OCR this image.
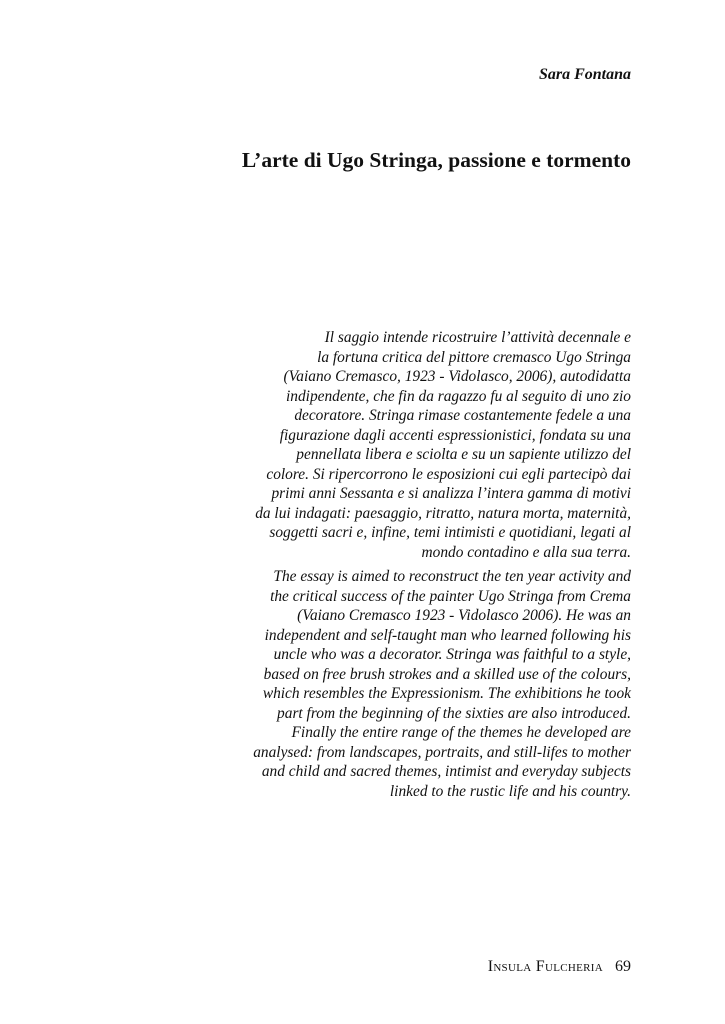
Sara Fontana

L’arte di Ugo Stringa, passione e tormento
Il saggio intende ricostruire l’attività decennale e
la fortuna critica del pittore cremasco Ugo Stringa
(Vaiano Cremasco, 1923 - Vidolasco, 2006), autodidatta
indipendente, che fin da ragazzo fu al seguito di uno zio
decoratore. Stringa rimase costantemente fedele a una
figurazione dagli accenti espressionistici, fondata su una
pennellata libera e sciolta e su un sapiente utilizzo del
colore. Si ripercorrono le esposizioni cui egli partecipò dai
primi anni Sessanta e si analizza l’intera gamma di motivi
da lui indagati: paesaggio, ritratto, natura morta, maternità,
soggetti sacri e, infine, temi intimisti e quotidiani, legati al
mondo contadino e alla sua terra.
The essay is aimed to reconstruct the ten year activity and
the critical success of the painter Ugo Stringa from Crema
(Vaiano Cremasco 1923 - Vidolasco 2006). He was an
independent and self-taught man who learned following his
uncle who was a decorator. Stringa was faithful to a style,
based on free brush strokes and a skilled use of the colours,
which resembles the Expressionism. The exhibitions he took
part from the beginning of the sixties are also introduced.
Finally the entire range of the themes he developed are
analysed: from landscapes, portraits, and still-lifes to mother
and child and sacred themes, intimist and everyday subjects
linked to the rustic life and his country.

Insula Fulcheria 69
